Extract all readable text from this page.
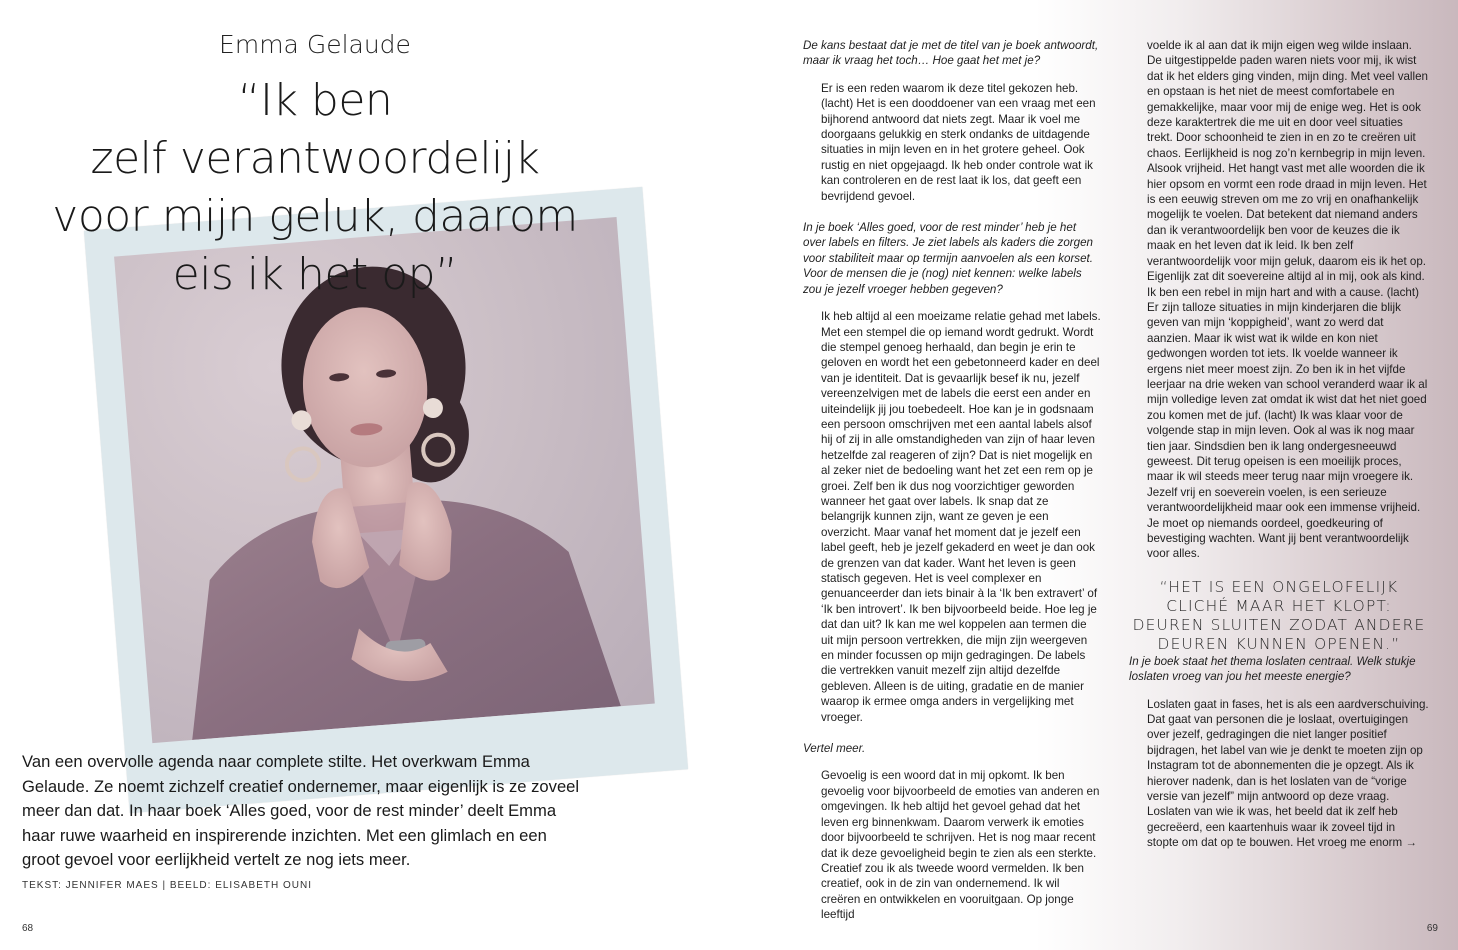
Emma Gelaude
“Ik ben
zelf verantwoordelijk
voor mijn geluk, daarom
eis ik het op”

Van een overvolle agenda naar complete stilte. Het overkwam Emma Gelaude. Ze noemt zichzelf creatief ondernemer, maar eigenlijk is ze zoveel meer dan dat. In haar boek ‘Alles goed, voor de rest minder’ deelt Emma haar ruwe waarheid en inspirerende inzichten. Met een glimlach en een groot gevoel voor eerlijkheid vertelt ze nog iets meer.

TEKST: JENNIFER MAES | BEELD: ELISABETH OUNI

68

De kans bestaat dat je met de titel van je boek antwoordt, maar ik vraag het toch… Hoe gaat het met je?

Er is een reden waarom ik deze titel gekozen heb. (lacht) Het is een dooddoener van een vraag met een bijhorend antwoord dat niets zegt. Maar ik voel me doorgaans gelukkig en sterk ondanks de uitdagende situaties in mijn leven en in het grotere geheel. Ook rustig en niet opgejaagd. Ik heb onder controle wat ik kan controleren en de rest laat ik los, dat geeft een bevrijdend gevoel.

In je boek ‘Alles goed, voor de rest minder’ heb je het over labels en filters. Je ziet labels als kaders die zorgen voor stabiliteit maar op termijn aanvoelen als een korset. Voor de mensen die je (nog) niet kennen: welke labels zou je jezelf vroeger hebben gegeven?

Ik heb altijd al een moeizame relatie gehad met labels. Met een stempel die op iemand wordt gedrukt. Wordt die stempel genoeg herhaald, dan begin je erin te geloven en wordt het een gebetonneerd kader en deel van je identiteit. Dat is gevaarlijk besef ik nu, jezelf vereenzelvigen met de labels die eerst een ander en uiteindelijk jij jou toebedeelt. Hoe kan je in godsnaam een persoon omschrijven met een aantal labels alsof hij of zij in alle omstandigheden van zijn of haar leven hetzelfde zal reageren of zijn? Dat is niet mogelijk en al zeker niet de bedoeling want het zet een rem op je groei. Zelf ben ik dus nog voorzichtiger geworden wanneer het gaat over labels. Ik snap dat ze belangrijk kunnen zijn, want ze geven je een overzicht. Maar vanaf het moment dat je jezelf een label geeft, heb je jezelf gekaderd en weet je dan ook de grenzen van dat kader. Want het leven is geen statisch gegeven. Het is veel complexer en genuanceerder dan iets binair à la ‘Ik ben extravert’ of ‘Ik ben introvert’. Ik ben bijvoorbeeld beide. Hoe leg je dat dan uit? Ik kan me wel koppelen aan termen die uit mijn persoon vertrekken, die mijn zijn weergeven en minder focussen op mijn gedragingen. De labels die vertrekken vanuit mezelf zijn altijd dezelfde gebleven. Alleen is de uiting, gradatie en de manier waarop ik ermee omga anders in vergelijking met vroeger.

Vertel meer.

Gevoelig is een woord dat in mij opkomt. Ik ben gevoelig voor bijvoorbeeld de emoties van anderen en omgevingen. Ik heb altijd het gevoel gehad dat het leven erg binnenkwam. Daarom verwerk ik emoties door bijvoorbeeld te schrijven. Het is nog maar recent dat ik deze gevoeligheid begin te zien als een sterkte. Creatief zou ik als tweede woord vermelden. Ik ben creatief, ook in de zin van ondernemend. Ik wil creëren en ontwikkelen en vooruitgaan. Op jonge leeftijd

voelde ik al aan dat ik mijn eigen weg wilde inslaan. De uitgestippelde paden waren niets voor mij, ik wist dat ik het elders ging vinden, mijn ding. Met veel vallen en opstaan is het niet de meest comfortabele en gemakkelijke, maar voor mij de enige weg. Het is ook deze karaktertrek die me uit en door veel situaties trekt. Door schoonheid te zien in en zo te creëren uit chaos. Eerlijkheid is nog zo’n kernbegrip in mijn leven. Alsook vrijheid. Het hangt vast met alle woorden die ik hier opsom en vormt een rode draad in mijn leven. Het is een eeuwig streven om me zo vrij en onafhankelijk mogelijk te voelen. Dat betekent dat niemand anders dan ik verantwoordelijk ben voor de keuzes die ik maak en het leven dat ik leid. Ik ben zelf verantwoordelijk voor mijn geluk, daarom eis ik het op. Eigenlijk zat dit soevereine altijd al in mij, ook als kind. Ik ben een rebel in mijn hart and with a cause. (lacht) Er zijn talloze situaties in mijn kinderjaren die blijk geven van mijn ‘koppigheid’, want zo werd dat aanzien. Maar ik wist wat ik wilde en kon niet gedwongen worden tot iets. Ik voelde wanneer ik ergens niet meer moest zijn. Zo ben ik in het vijfde leerjaar na drie weken van school veranderd waar ik al mijn volledige leven zat omdat ik wist dat het niet goed zou komen met de juf. (lacht) Ik was klaar voor de volgende stap in mijn leven. Ook al was ik nog maar tien jaar. Sindsdien ben ik lang ondergesneeuwd geweest. Dit terug opeisen is een moeilijk proces, maar ik wil steeds meer terug naar mijn vroegere ik. Jezelf vrij en soeverein voelen, is een serieuze verantwoordelijkheid maar ook een immense vrijheid. Je moet op niemands oordeel, goedkeuring of bevestiging wachten. Want jij bent verantwoordelijk voor alles.

“HET IS EEN ONGELOFELIJK CLICHÉ MAAR HET KLOPT: DEUREN SLUITEN ZODAT ANDERE DEUREN KUNNEN OPENEN.”

In je boek staat het thema loslaten centraal. Welk stukje loslaten vroeg van jou het meeste energie?

Loslaten gaat in fases, het is als een aardverschuiving. Dat gaat van personen die je loslaat, overtuigingen over jezelf, gedragingen die niet langer positief bijdragen, het label van wie je denkt te moeten zijn op Instagram tot de abonnementen die je opzegt. Als ik hierover nadenk, dan is het loslaten van de “vorige versie van jezelf” mijn antwoord op deze vraag. Loslaten van wie ik was, het beeld dat ik zelf heb gecreëerd, een kaartenhuis waar ik zoveel tijd in stopte om dat op te bouwen. Het vroeg me enorm →

69
